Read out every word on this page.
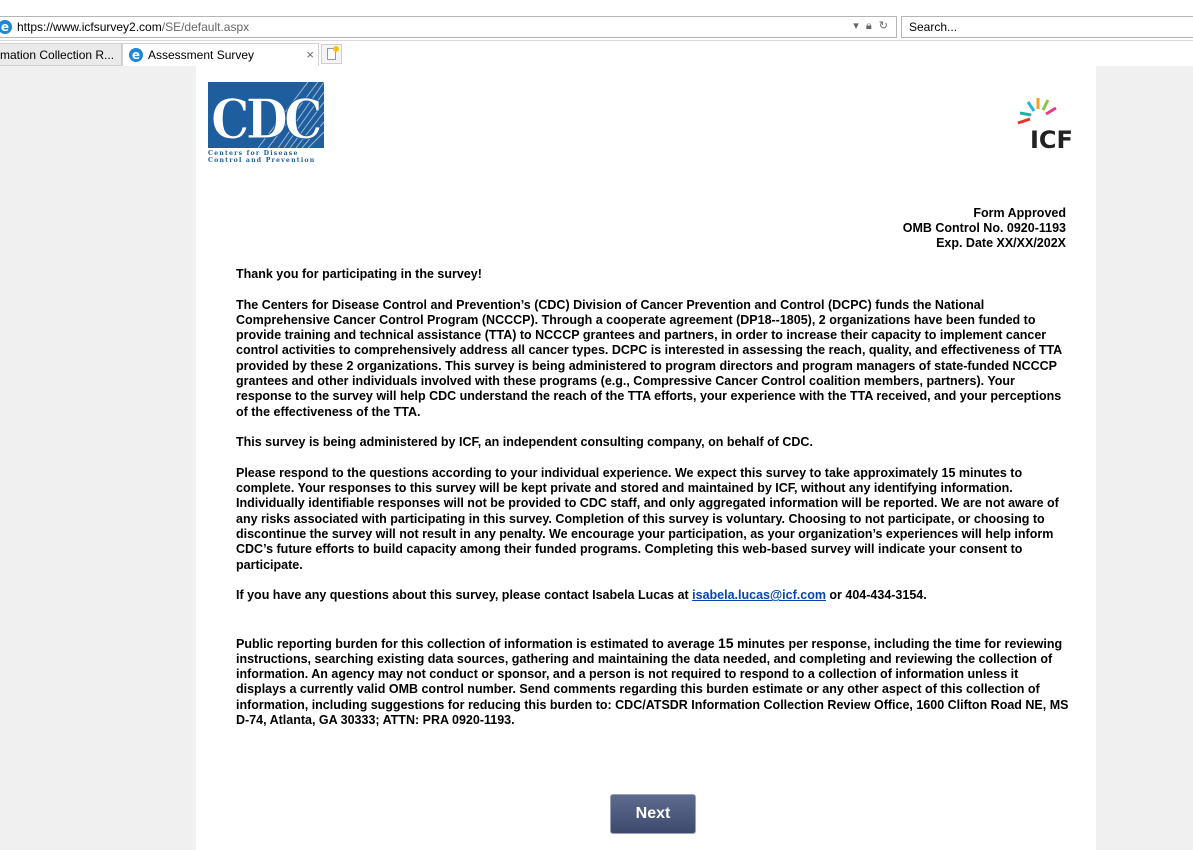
e https://www.icfsurvey2.com/SE/default.aspx	▾ 🔒︎ ↻ Search...
mation Collection R...	e Assessment Survey	×
CDC
Centers for Disease
Control and Prevention
ICF
Form Approved
OMB Control No. 0920-1193
Exp. Date XX/XX/202X

Thank you for participating in the survey!

The Centers for Disease Control and Prevention’s (CDC) Division of Cancer Prevention and Control (DCPC) funds the National Comprehensive Cancer Control Program (NCCCP). Through a cooperate agreement (DP18--1805), 2 organizations have been funded to provide training and technical assistance (TTA) to NCCCP grantees and partners, in order to increase their capacity to implement cancer control activities to comprehensively address all cancer types. DCPC is interested in assessing the reach, quality, and effectiveness of TTA provided by these 2 organizations. This survey is being administered to program directors and program managers of state-funded NCCCP grantees and other individuals involved with these programs (e.g., Compressive Cancer Control coalition members, partners). Your response to the survey will help CDC understand the reach of the TTA efforts, your experience with the TTA received, and your perceptions of the effectiveness of the TTA.

This survey is being administered by ICF, an independent consulting company, on behalf of CDC.

Please respond to the questions according to your individual experience. We expect this survey to take approximately 15 minutes to complete. Your responses to this survey will be kept private and stored and maintained by ICF, without any identifying information. Individually identifiable responses will not be provided to CDC staff, and only aggregated information will be reported. We are not aware of any risks associated with participating in this survey. Completion of this survey is voluntary. Choosing to not participate, or choosing to discontinue the survey will not result in any penalty. We encourage your participation, as your organization’s experiences will help inform CDC’s future efforts to build capacity among their funded programs. Completing this web-based survey will indicate your consent to participate.

If you have any questions about this survey, please contact Isabela Lucas at isabela.lucas@icf.com or 404-434-3154.

Public reporting burden for this collection of information is estimated to average 15 minutes per response, including the time for reviewing instructions, searching existing data sources, gathering and maintaining the data needed, and completing and reviewing the collection of information. An agency may not conduct or sponsor, and a person is not required to respond to a collection of information unless it displays a currently valid OMB control number. Send comments regarding this burden estimate or any other aspect of this collection of information, including suggestions for reducing this burden to: CDC/ATSDR Information Collection Review Office, 1600 Clifton Road NE, MS D-74, Atlanta, GA 30333; ATTN: PRA 0920-1193.

Next
